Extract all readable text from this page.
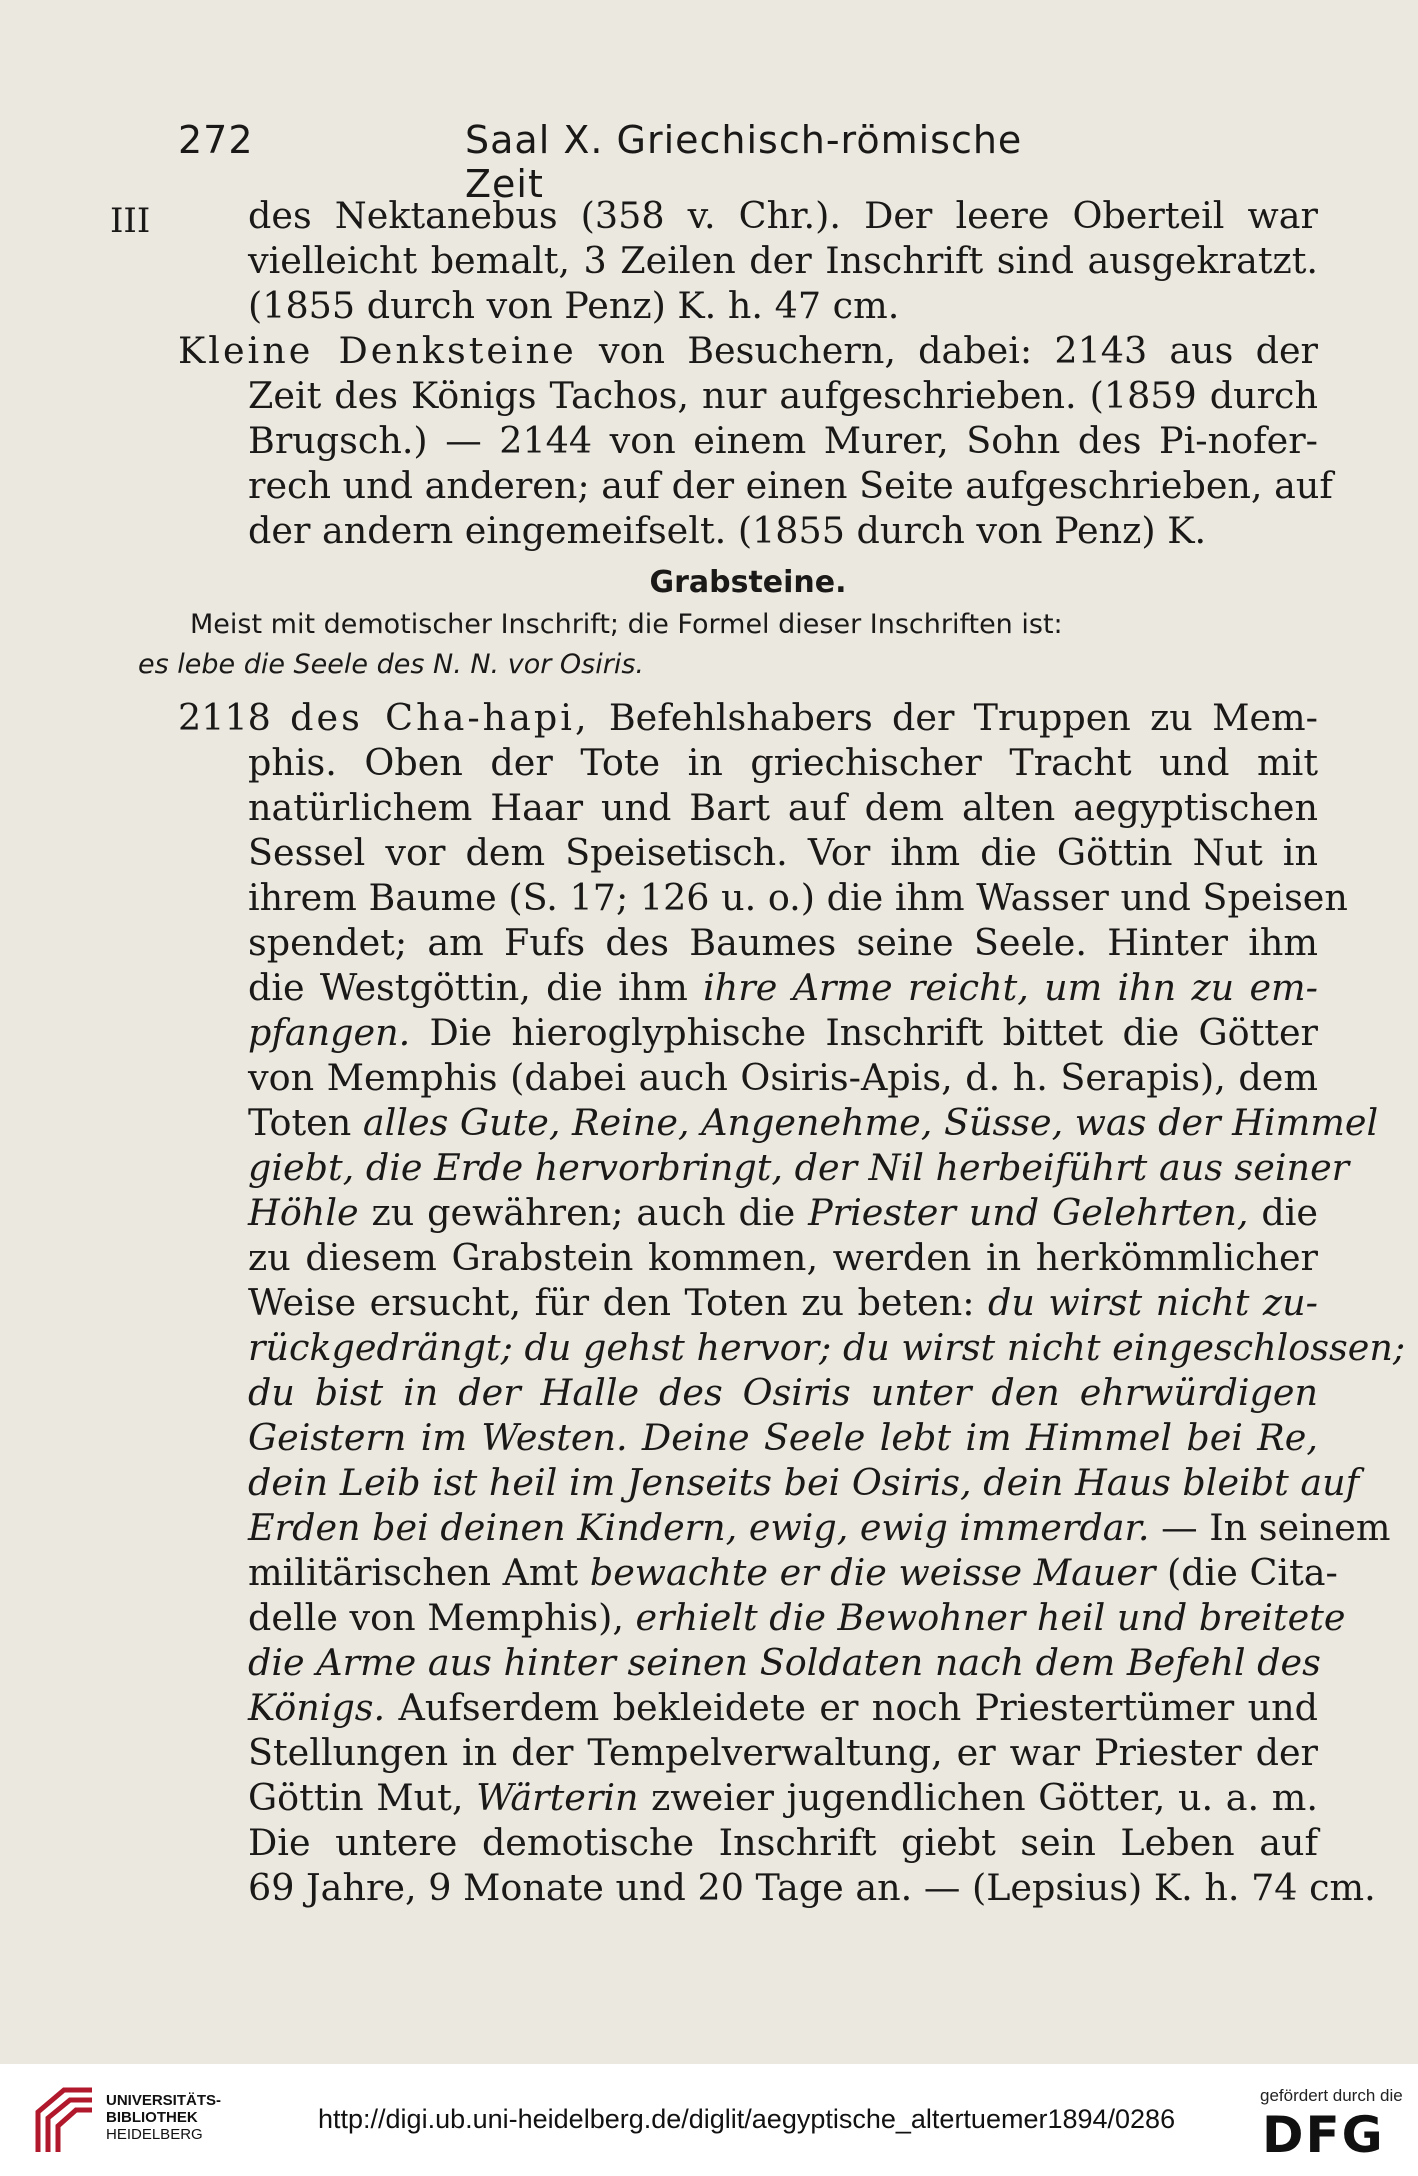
272	Saal X. Griechisch-römische Zeit
III	des Nektanebus (358 v. Chr.). Der leere Oberteil war
vielleicht bemalt, 3 Zeilen der Inschrift sind ausgekratzt.
(1855 durch von Penz) K. h. 47 cm.
Kleine Denksteine von Besuchern, dabei: 2143 aus der
Zeit des Königs Tachos, nur aufgeschrieben. (1859 durch
Brugsch.) — 2144 von einem Murer, Sohn des Pi-nofer-
rech und anderen; auf der einen Seite aufgeschrieben, auf
der andern eingemeifselt. (1855 durch von Penz) K.
Grabsteine.
Meist mit demotischer Inschrift; die Formel dieser Inschriften ist:
es lebe die Seele des N. N. vor Osiris.
2118 des Cha-hapi, Befehlshabers der Truppen zu Mem-
phis. Oben der Tote in griechischer Tracht und mit
natürlichem Haar und Bart auf dem alten aegyptischen
Sessel vor dem Speisetisch. Vor ihm die Göttin Nut in
ihrem Baume (S. 17; 126 u. o.) die ihm Wasser und Speisen
spendet; am Fufs des Baumes seine Seele. Hinter ihm
die Westgöttin, die ihm ihre Arme reicht, um ihn zu em-
pfangen. Die hieroglyphische Inschrift bittet die Götter
von Memphis (dabei auch Osiris-Apis, d. h. Serapis), dem
Toten alles Gute, Reine, Angenehme, Süsse, was der Himmel
giebt, die Erde hervorbringt, der Nil herbeiführt aus seiner
Höhle zu gewähren; auch die Priester und Gelehrten, die
zu diesem Grabstein kommen, werden in herkömmlicher
Weise ersucht, für den Toten zu beten: du wirst nicht zu-
rückgedrängt; du gehst hervor; du wirst nicht eingeschlossen;
du bist in der Halle des Osiris unter den ehrwürdigen
Geistern im Westen. Deine Seele lebt im Himmel bei Re,
dein Leib ist heil im Jenseits bei Osiris, dein Haus bleibt auf
Erden bei deinen Kindern, ewig, ewig immerdar. — In seinem
militärischen Amt bewachte er die weisse Mauer (die Cita-
delle von Memphis), erhielt die Bewohner heil und breitete
die Arme aus hinter seinen Soldaten nach dem Befehl des
Königs. Aufserdem bekleidete er noch Priestertümer und
Stellungen in der Tempelverwaltung, er war Priester der
Göttin Mut, Wärterin zweier jugendlichen Götter, u. a. m.
Die untere demotische Inschrift giebt sein Leben auf
69 Jahre, 9 Monate und 20 Tage an. — (Lepsius) K. h. 74 cm.
UNIVERSITÄTS-
BIBLIOTHEK
HEIDELBERG
http://digi.ub.uni-heidelberg.de/diglit/aegyptische_altertuemer1894/0286
gefördert durch die
DFG
